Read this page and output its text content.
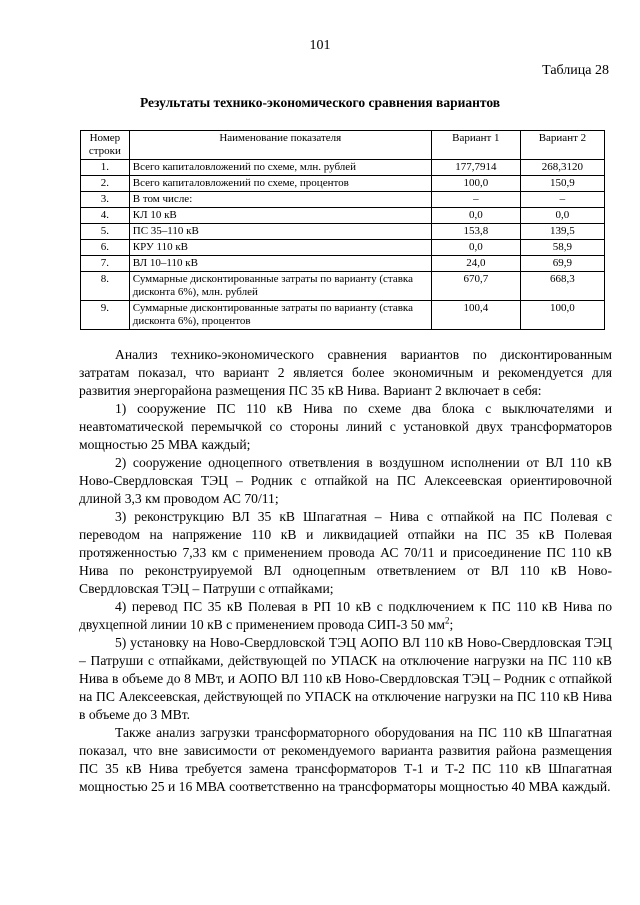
101
Таблица 28
Результаты технико-экономического сравнения вариантов
Номер строки	Наименование показателя	Вариант 1	Вариант 2
1.	Всего капиталовложений по схеме, млн. рублей	177,7914	268,3120
2.	Всего капиталовложений по схеме, процентов	100,0	150,9
3.	В том числе:	–	–
4.	КЛ 10 кВ	0,0	0,0
5.	ПС 35–110 кВ	153,8	139,5
6.	КРУ 110 кВ	0,0	58,9
7.	ВЛ 10–110 кВ	24,0	69,9
8.	Суммарные дисконтированные затраты по варианту (ставка дисконта 6%), млн. рублей	670,7	668,3
9.	Суммарные дисконтированные затраты по варианту (ставка дисконта 6%), процентов	100,4	100,0

Анализ технико-экономического сравнения вариантов по дисконтированным затратам показал, что вариант 2 является более экономичным и рекомендуется для развития энергорайона размещения ПС 35 кВ Нива. Вариант 2 включает в себя:

1) сооружение ПС 110 кВ Нива по схеме два блока с выключателями и неавтоматической перемычкой со стороны линий с установкой двух трансформаторов мощностью 25 МВА каждый;

2) сооружение одноцепного ответвления в воздушном исполнении от ВЛ 110 кВ Ново-Свердловская ТЭЦ – Родник с отпайкой на ПС Алексеевская ориентировочной длиной 3,3 км проводом АС 70/11;

3) реконструкцию ВЛ 35 кВ Шпагатная – Нива с отпайкой на ПС Полевая с переводом на напряжение 110 кВ и ликвидацией отпайки на ПС 35 кВ Полевая протяженностью 7,33 км с применением провода АС 70/11 и присоединение ПС 110 кВ Нива по реконструируемой ВЛ одноцепным ответвлением от ВЛ 110 кВ Ново-Свердловская ТЭЦ – Патруши с отпайками;

4) перевод ПС 35 кВ Полевая в РП 10 кВ с подключением к ПС 110 кВ Нива по двухцепной линии 10 кВ с применением провода СИП-3 50 $мм^2$;

5) установку на Ново-Свердловской ТЭЦ АОПО ВЛ 110 кВ Ново-Свердловская ТЭЦ – Патруши с отпайками, действующей по УПАСК на отключение нагрузки на ПС 110 кВ Нива в объеме до 8 МВт, и АОПО ВЛ 110 кВ Ново-Свердловская ТЭЦ – Родник с отпайкой на ПС Алексеевская, действующей по УПАСК на отключение нагрузки на ПС 110 кВ Нива в объеме до 3 МВт.

Также анализ загрузки трансформаторного оборудования на ПС 110 кВ Шпагатная показал, что вне зависимости от рекомендуемого варианта развития района размещения ПС 35 кВ Нива требуется замена трансформаторов Т-1 и Т-2 ПС 110 кВ Шпагатная мощностью 25 и 16 МВА соответственно на трансформаторы мощностью 40 МВА каждый.
